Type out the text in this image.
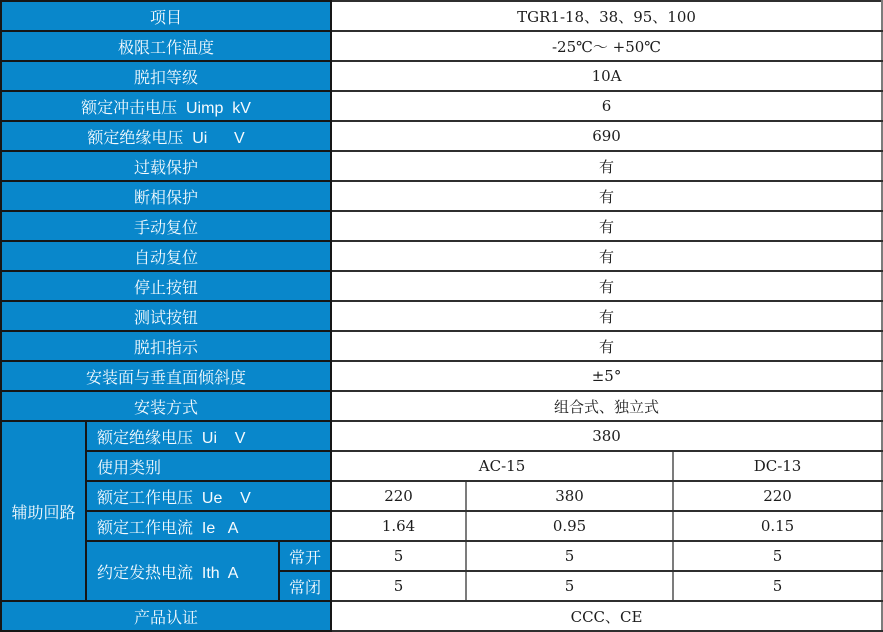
项目			TGR1-18、38、95、100		
极限工作温度			-25℃～ +50℃		
脱扣等级			10A		
额定冲击电压  Uimp  kV			6		
额定绝缘电压  Ui      V			690		
过载保护			有		
断相保护			有		
手动复位			有		
自动复位			有		
停止按钮			有		
测试按钮			有		
脱扣指示			有		
安装面与垂直面倾斜度			±5°		
安装方式			组合式、独立式		
辅助回路	额定绝缘电压  Ui    V		380		
	使用类别		AC-15		DC-13
	额定工作电压  Ue    V		220	380	220
	额定工作电流  Ie   A		1.64	0.95	0.15
	约定发热电流  Ith  A	常开	5	5	5
		常闭	5	5	5
产品认证			CCC、CE		
